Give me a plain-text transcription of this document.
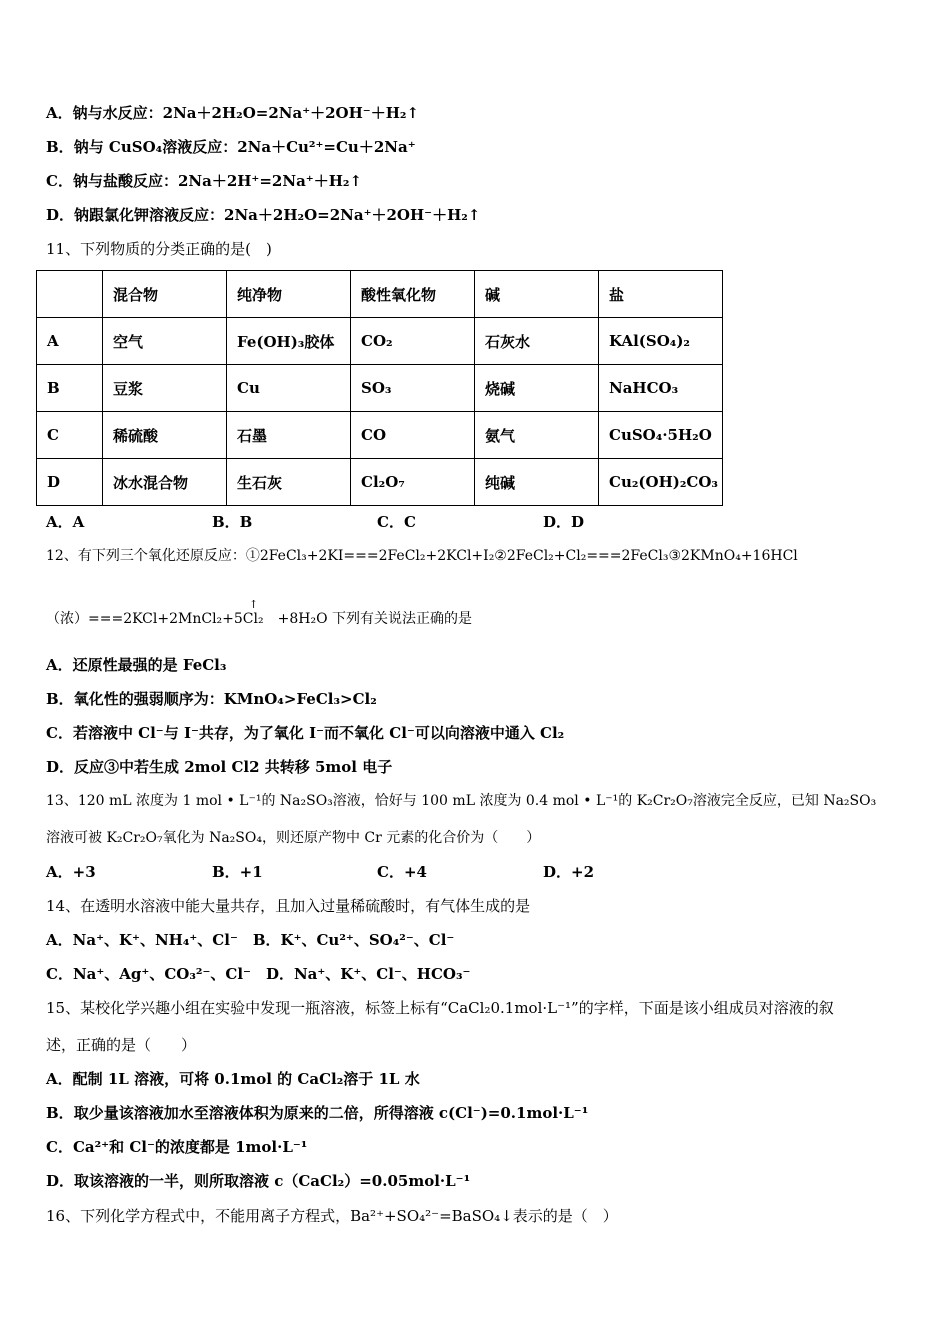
A．钠与水反应：2Na＋2H₂O=2Na⁺＋2OH⁻＋H₂↑
B．钠与 CuSO₄溶液反应：2Na＋Cu²⁺=Cu＋2Na⁺
C．钠与盐酸反应：2Na＋2H⁺=2Na⁺＋H₂↑
D．钠跟氯化钾溶液反应：2Na＋2H₂O=2Na⁺＋2OH⁻＋H₂↑
11、下列物质的分类正确的是(　)
	混合物	纯净物	酸性氧化物	碱	盐
A	空气	Fe(OH)₃胶体	CO₂	石灰水	KAl(SO₄)₂
B	豆浆	Cu	SO₃	烧碱	NaHCO₃
C	稀硫酸	石墨	CO	氨气	CuSO₄·5H₂O
D	冰水混合物	生石灰	Cl₂O₇	纯碱	Cu₂(OH)₂CO₃
A．A	B．B	C．C	D．D
12、有下列三个氧化还原反应：①2FeCl₃+2KI===2FeCl₂+2KCl+I₂②2FeCl₂+Cl₂===2FeCl₃③2KMnO₄+16HCl
（浓）===2KCl+2MnCl₂+5Cl₂ +8H₂O 下列有关说法正确的是
↑
A．还原性最强的是 FeCl₃
B．氧化性的强弱顺序为：KMnO₄>FeCl₃>Cl₂
C．若溶液中 Cl⁻与 I⁻共存，为了氧化 I⁻而不氧化 Cl⁻可以向溶液中通入 Cl₂
D．反应③中若生成 2mol Cl2 共转移 5mol 电子
13、120 mL 浓度为 1 mol • L⁻¹的 Na₂SO₃溶液，恰好与 100 mL 浓度为 0.4 mol • L⁻¹的 K₂Cr₂O₇溶液完全反应，已知 Na₂SO₃
溶液可被 K₂Cr₂O₇氧化为 Na₂SO₄，则还原产物中 Cr 元素的化合价为（　　）
A．+3	B．+1	C．+4	D．+2
14、在透明水溶液中能大量共存，且加入过量稀硫酸时，有气体生成的是
A．Na⁺、K⁺、NH₄⁺、Cl⁻　B．K⁺、Cu²⁺、SO₄²⁻、Cl⁻
C．Na⁺、Ag⁺、CO₃²⁻、Cl⁻　D．Na⁺、K⁺、Cl⁻、HCO₃⁻
15、某校化学兴趣小组在实验中发现一瓶溶液，标签上标有“CaCl₂0.1mol·L⁻¹”的字样，下面是该小组成员对溶液的叙
述，正确的是（　　）
A．配制 1L 溶液，可将 0.1mol 的 CaCl₂溶于 1L 水
B．取少量该溶液加水至溶液体积为原来的二倍，所得溶液 c(Cl⁻)=0.1mol·L⁻¹
C．Ca²⁺和 Cl⁻的浓度都是 1mol·L⁻¹
D．取该溶液的一半，则所取溶液 c（CaCl₂）=0.05mol·L⁻¹
16、下列化学方程式中，不能用离子方程式，Ba²⁺+SO₄²⁻=BaSO₄↓表示的是（　）
